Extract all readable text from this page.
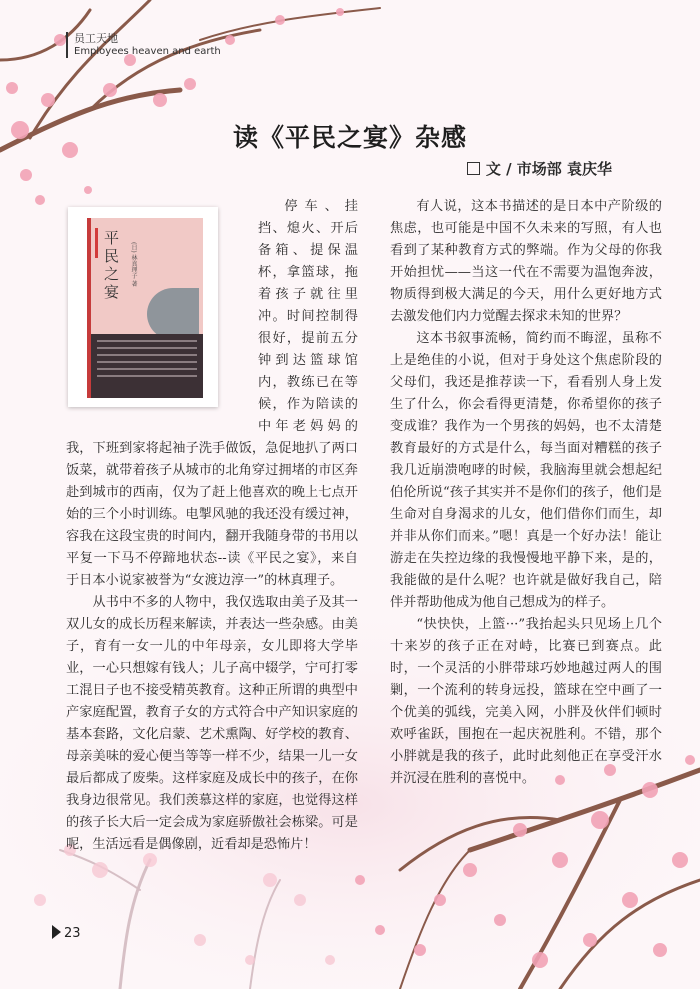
员工天地
Employees heaven and earth
读《平民之宴》杂感
文 / 市场部 袁庆华
平民之宴	(日) 林真理子 著

停车、挂挡、熄火、开后备箱、提保温杯，拿篮球，拖着孩子就往里冲。时间控制得很好，提前五分钟到达篮球馆内，教练已在等候，作为陪读的中年老妈妈的我，下班到家将起袖子洗手做饭，急促地扒了两口饭菜，就带着孩子从城市的北角穿过拥堵的市区奔赴到城市的西南，仅为了赶上他喜欢的晚上七点开始的三个小时训练。电掣风驰的我还没有缓过神，容我在这段宝贵的时间内，翻开我随身带的书用以平复一下马不停蹄地状态--读《平民之宴》，来自于日本小说家被誉为“女渡边淳一”的林真理子。

从书中不多的人物中，我仅选取由美子及其一双儿女的成长历程来解读，并表达一些杂感。由美子，育有一女一儿的中年母亲，女儿即将大学毕业，一心只想嫁有钱人；儿子高中辍学，宁可打零工混日子也不接受精英教育。这种正所谓的典型中产家庭配置，教育子女的方式符合中产知识家庭的基本套路，文化启蒙、艺术熏陶、好学校的教育、母亲美味的爱心便当等等一样不少，结果一儿一女最后都成了废柴。这样家庭及成长中的孩子，在你我身边很常见。我们羡慕这样的家庭，也觉得这样的孩子长大后一定会成为家庭骄傲社会栋梁。可是呢，生活远看是偶像剧，近看却是恐怖片！

有人说，这本书描述的是日本中产阶级的焦虑，也可能是中国不久未来的写照，有人也看到了某种教育方式的弊端。作为父母的你我开始担忧——当这一代在不需要为温饱奔波，物质得到极大满足的今天，用什么更好地方式去激发他们内力觉醒去探求未知的世界？

这本书叙事流畅，简约而不晦涩，虽称不上是绝佳的小说，但对于身处这个焦虑阶段的父母们，我还是推荐读一下，看看别人身上发生了什么，你会看得更清楚，你希望你的孩子变成谁？我作为一个男孩的妈妈，也不太清楚教育最好的方式是什么，每当面对糟糕的孩子我几近崩溃咆哮的时候，我脑海里就会想起纪伯伦所说“孩子其实并不是你们的孩子，他们是生命对自身渴求的儿女，他们借你们而生，却并非从你们而来。”嗯！真是一个好办法！能让游走在失控边缘的我慢慢地平静下来，是的，我能做的是什么呢？也许就是做好我自己，陪伴并帮助他成为他自己想成为的样子。

“快快快，上篮···”我抬起头只见场上几个十来岁的孩子正在对峙，比赛已到赛点。此时，一个灵活的小胖带球巧妙地越过两人的围剿，一个流利的转身远投，篮球在空中画了一个优美的弧线，完美入网，小胖及伙伴们顿时欢呼雀跃，围抱在一起庆祝胜利。不错，那个小胖就是我的孩子，此时此刻他正在享受汗水并沉浸在胜利的喜悦中。

23
